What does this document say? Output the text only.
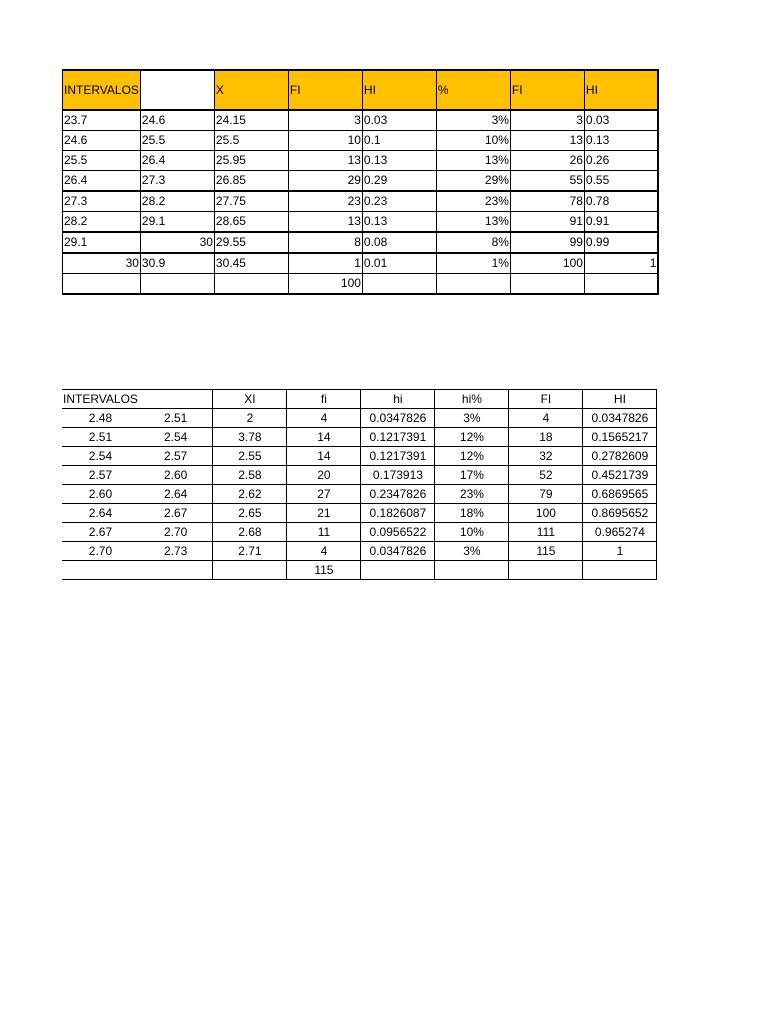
INTERVALOS		X	FI	HI	%	FI	HI
23.7	24.6	24.15	3	0.03	3%	3	0.03
24.6	25.5	25.5	10	0.1	10%	13	0.13
25.5	26.4	25.95	13	0.13	13%	26	0.26
26.4	27.3	26.85	29	0.29	29%	55	0.55
27.3	28.2	27.75	23	0.23	23%	78	0.78
28.2	29.1	28.65	13	0.13	13%	91	0.91
29.1	30	29.55	8	0.08	8%	99	0.99
30	30.9	30.45	1	0.01	1%	100	1
			100				
INTERVALOS		XI	fi	hi	hi%	FI	HI
2.48	2.51	2	4	0.0347826	3%	4	0.0347826
2.51	2.54	3.78	14	0.1217391	12%	18	0.1565217
2.54	2.57	2.55	14	0.1217391	12%	32	0.2782609
2.57	2.60	2.58	20	0.173913	17%	52	0.4521739
2.60	2.64	2.62	27	0.2347826	23%	79	0.6869565
2.64	2.67	2.65	21	0.1826087	18%	100	0.8695652
2.67	2.70	2.68	11	0.0956522	10%	111	0.965274
2.70	2.73	2.71	4	0.0347826	3%	115	1
			115				
